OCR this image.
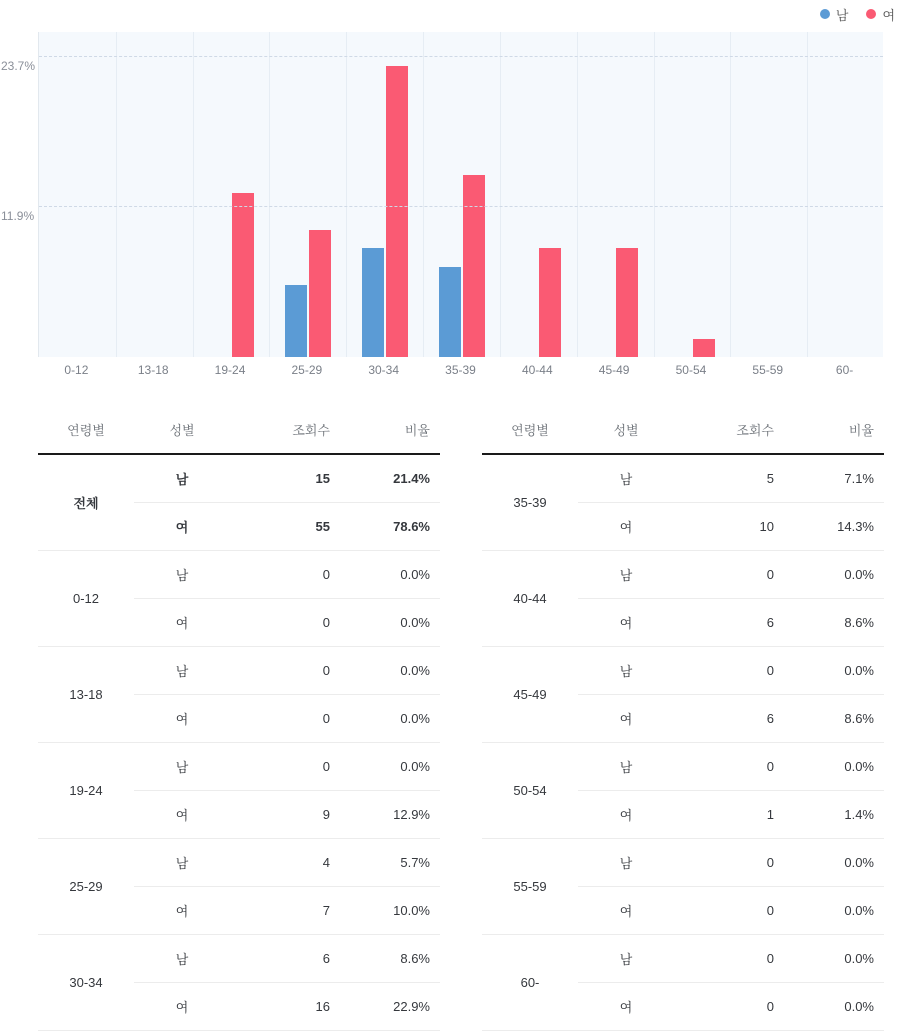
남	여
11.9%
23.7%
0-12	13-18	19-24	25-29	30-34	35-39	40-44	45-49	50-54	55-59	60-
연령별	성별	조회수	비율
전체	남	15	21.4%
	여	55	78.6%
0-12	남	0	0.0%
	여	0	0.0%
13-18	남	0	0.0%
	여	0	0.0%
19-24	남	0	0.0%
	여	9	12.9%
25-29	남	4	5.7%
	여	7	10.0%
30-34	남	6	8.6%
	여	16	22.9%
연령별	성별	조회수	비율
35-39	남	5	7.1%
	여	10	14.3%
40-44	남	0	0.0%
	여	6	8.6%
45-49	남	0	0.0%
	여	6	8.6%
50-54	남	0	0.0%
	여	1	1.4%
55-59	남	0	0.0%
	여	0	0.0%
60-	남	0	0.0%
	여	0	0.0%
